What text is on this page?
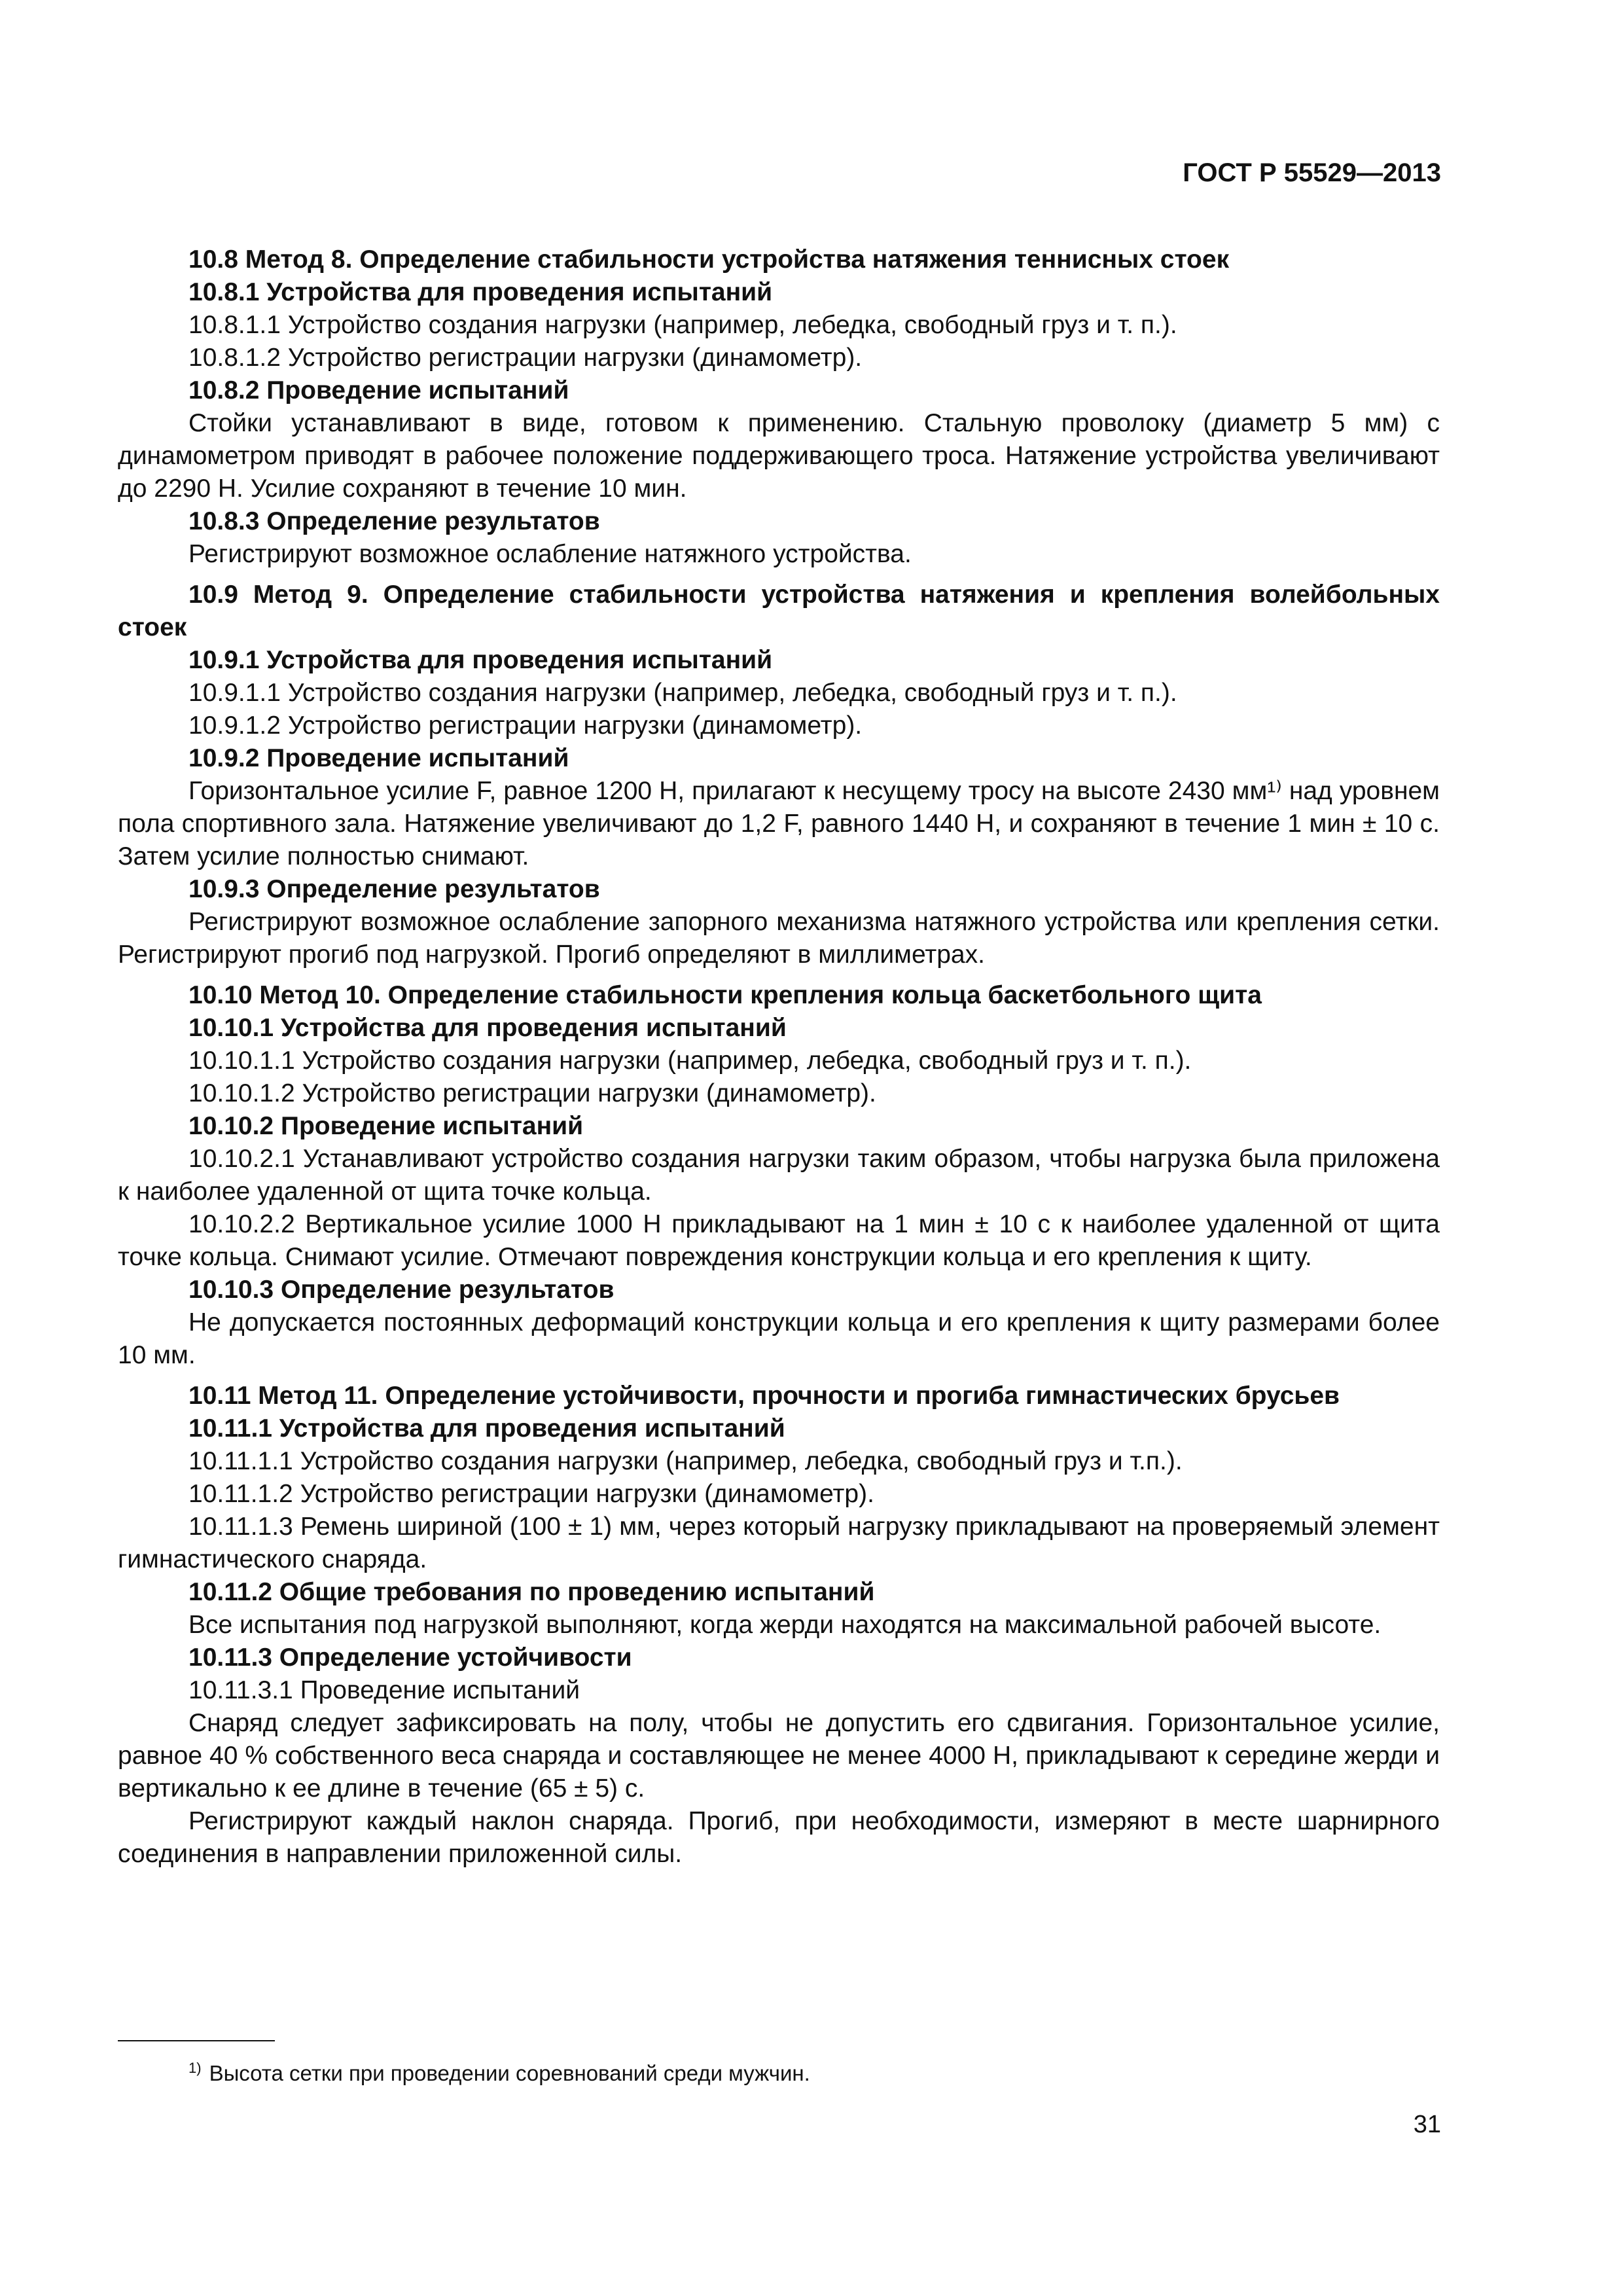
ГОСТ Р 55529—2013

10.8 Метод 8. Определение стабильности устройства натяжения теннисных стоек

10.8.1 Устройства для проведения испытаний

10.8.1.1 Устройство создания нагрузки (например, лебедка, свободный груз и т. п.).

10.8.1.2 Устройство регистрации нагрузки (динамометр).

10.8.2 Проведение испытаний

Стойки устанавливают в виде, готовом к применению. Стальную проволоку (диаметр 5 мм) с динамометром приводят в рабочее положение поддерживающего троса. Натяжение устройства увеличивают до 2290 Н. Усилие сохраняют в течение 10 мин.

10.8.3 Определение результатов

Регистрируют возможное ослабление натяжного устройства.

10.9 Метод 9. Определение стабильности устройства натяжения и крепления волейбольных стоек

10.9.1 Устройства для проведения испытаний

10.9.1.1 Устройство создания нагрузки (например, лебедка, свободный груз и т. п.).

10.9.1.2 Устройство регистрации нагрузки (динамометр).

10.9.2 Проведение испытаний

Горизонтальное усилие F, равное 1200 Н, прилагают к несущему тросу на высоте 2430 мм¹⁾ над уровнем пола спортивного зала. Натяжение увеличивают до 1,2 F, равного 1440 Н, и сохраняют в течение 1 мин ± 10 с. Затем усилие полностью снимают.

10.9.3 Определение результатов

Регистрируют возможное ослабление запорного механизма натяжного устройства или крепления сетки. Регистрируют прогиб под нагрузкой. Прогиб определяют в миллиметрах.

10.10 Метод 10. Определение стабильности крепления кольца баскетбольного щита

10.10.1 Устройства для проведения испытаний

10.10.1.1 Устройство создания нагрузки (например, лебедка, свободный груз и т. п.).

10.10.1.2 Устройство регистрации нагрузки (динамометр).

10.10.2 Проведение испытаний

10.10.2.1 Устанавливают устройство создания нагрузки таким образом, чтобы нагрузка была приложена к наиболее удаленной от щита точке кольца.

10.10.2.2 Вертикальное усилие 1000 Н прикладывают на 1 мин ± 10 с к наиболее удаленной от щита точке кольца. Снимают усилие. Отмечают повреждения конструкции кольца и его крепления к щиту.

10.10.3 Определение результатов

Не допускается постоянных деформаций конструкции кольца и его крепления к щиту размерами более 10 мм.

10.11 Метод 11. Определение устойчивости, прочности и прогиба гимнастических брусьев

10.11.1 Устройства для проведения испытаний

10.11.1.1 Устройство создания нагрузки (например, лебедка, свободный груз и т.п.).

10.11.1.2 Устройство регистрации нагрузки (динамометр).

10.11.1.3 Ремень шириной (100 ± 1) мм, через который нагрузку прикладывают на проверяемый элемент гимнастического снаряда.

10.11.2 Общие требования по проведению испытаний

Все испытания под нагрузкой выполняют, когда жерди находятся на максимальной рабочей высоте.

10.11.3 Определение устойчивости

10.11.3.1 Проведение испытаний

Снаряд следует зафиксировать на полу, чтобы не допустить его сдвигания. Горизонтальное усилие, равное 40 % собственного веса снаряда и составляющее не менее 4000 Н, прикладывают к середине жерди и вертикально к ее длине в течение (65 ± 5) с.

Регистрируют каждый наклон снаряда. Прогиб, при необходимости, измеряют в месте шарнирного соединения в направлении приложенной силы.

$^{1)}$ Высота сетки при проведении соревнований среди мужчин.
31
